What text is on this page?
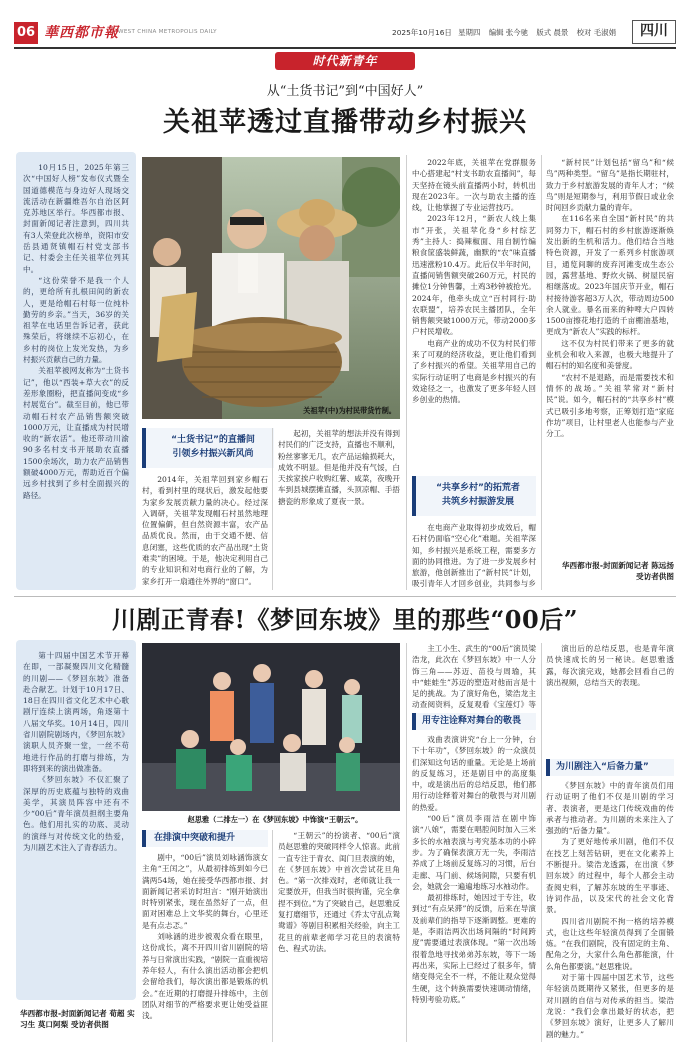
06 華西都市報 WEST CHINA METROPOLIS DAILY	2025年10月16日 星期四 编辑 张今驰 版式 晨景 校对 毛淑娟	四川
时代新青年
从“土货书记”到“中国好人”
关祖苹透过直播带动乡村振兴

10月15日，2025年第三次“中国好人榜”发布仪式暨全国道德模范与身边好人现场交流活动在新疆维吾尔自治区阿克苏地区举行。华西都市报、封面新闻记者注意到，四川共有3人荣登此次榜单，资阳市安岳县通贤镇帽石村党支部书记、村委会主任关祖苹位列其中。

“这份荣誉不是我一个人的，更给所有扎根田间的新农人，更是给帽石村每一位纯朴勤劳的乡亲。”当天，36岁的关祖苹在电话里告诉记者，获此殊荣后，将继续不忘初心，在乡村的岗位上发光发热，为乡村振兴贡献自己的力量。

关祖苹被网友称为“土货书记”，他以“西装+草大衣”的反差形象圈粉，把直播间变成“乡村展览台”。截至目前，他已带动帽石村农产品销售额突破1000万元，让直播成为村民增收的“新农活”。他还带动川渝90多名村支书开展助农直播1500余场次，助力农产品销售额破4000万元，帮助近百个偏远乡村找到了乡村全面振兴的路径。

关祖苹(中)为村民带货竹制。
“土货书记”的直播间
引领乡村振兴新风尚

2014年，关祖苹回到家乡帽石村，看到村里的现状后，激发起他要为家乡发展贡献力量的决心。经过深入调研，关祖苹发现帽石村虽然地理位置偏僻，但自然资源丰富，农产品品质优良。然而，由于交通不便、信息闭塞，这些优质的农产品出现“土货难卖”的困境。于是，他决定利用自己的专业知识和对电商行业的了解，为家乡打开一扇通往外界的“窗口”。

起初，关祖苹的想法并没有得到村民们的广泛支持，直播也不顺利，粉丝寥寥无几，农产品运输损耗大，成效不明显。但是他并没有气馁，白天挨家挨户收购红薯、咸菜，夜晚开车到县城摆摊直播，头顶凉帽、手捂搪瓷的形象成了夏夜一景。

2022年底，关祖苹在党群服务中心搭建起“村支书助农直播间”，每天坚持在镜头前直播两小时，转机出现在2023年。一次与助农主播的连线，让他掌握了专业运营技巧。

2023年12月，“新农人线上集市”开张，关祖苹化身“乡村综艺秀”主持人：捣辣椒面、用自制竹编粮食筐盛装鲜蔬，幽默的“农”味直播迅速涨粉10.4万。此后仅半年时间，直播间销售额突破260万元，村民的摊位1分钟售馨，土鸡3秒钟被抢光。2024年，他牵头成立“百村同行·助农联盟”，培养农民主播团队，全年销售额突破1000万元，带动2000多户村民增收。

电商产业的成功不仅为村民们带来了可观的经济收益，更让他们看到了乡村振兴的希望。关祖苹用自己的实际行动证明了电商是乡村振兴的有效途径之一，也激发了更多年轻人回乡创业的热情。

“共享乡村”的拓荒者
共筑乡村振游发展

在电商产业取得初步成效后，帽石村仍面临“空心化”难题。关祖苹深知，乡村振兴是系统工程，需要多方面的协同推进。为了进一步发展乡村旅游，他创新推出了“新村民”计划，吸引青年人才回乡创业，共同参与乡

“新村民”计划包括“留乌”和“候鸟”两种类型。“留乌”是指长期驻村，致力于乡村旅游发展的青年人才；“候鸟”则是短期参与，利用节假日或业余时间回乡贡献力量的青年。

在116名来自全国“新村民”的共同努力下，帽石村的乡村旅游逐渐焕发出新的生机和活力。他们结合当地特色资源，开发了一系列乡村旅游项目，通览间聊的废弃河滩变成生态公园，露营基地、野炊火锅、树屋民宿相继落成。2023年国庆节开业，帽石村接待游客超3万人次，带动周边500余人就业。暴名而来的种啤大户四转1500亩擦花地打造的千亩棚油基地，更成为“新农人”实践的标杆。

这不仅为村民们带来了更多的就业机会和收入来源，也极大地提升了帽石村的知名度和美誉度。

“农村不是退路，而是需要技术和情怀的战场。”关祖苹常对“新村民”说。如今，帽石村的“共享乡村”模式已吸引多地考察，正筹划打造“家庭作坊”项目，让村里老人也能参与产业分工。

华西都市报-封面新闻记者 陈远扬 受访者供图
川剧正青春!《梦回东坡》里的那些“00后”

第十四届中国艺术节开幕在即，一部凝聚四川文化精髓的川剧——《梦回东坡》准备赴合献艺。计划于10月17日、18日在四川省文化艺术中心歌剧厅连续上演两场，角逐第十八届文华奖。10月14日，四川省川剧院剧场内，《梦回东坡》演职人员齐聚一堂，一丝不苟地进行作品的打磨与排练，为即将到来的演出做准备。

《梦回东坡》不仅汇聚了深厚的历史底蕴与独特的戏曲美学，其演员阵容中还有不少“00后”青年演员担纲主要角色。他们用扎实的功底、灵动的演绎与对传统文化的热爱，为川剧艺术注入了青春活力。

华西都市报-封面新闻记者 荀超 实习生 莫口阿梨 受访者供图
赵思雅（二排左一）在《梦回东坡》中饰演“王朝云”。
在排演中突破和提升

剧中，“00后”演员刘咏涵饰演女主角“王闰之”，从最初排练到如今已满两54场，她在接受华西都市报、封面新闻记者采访时坦言：“刚开始演出时特别紧张，现在虽然好了一点，但面对困难总上文华奖的舞台，心里还是有点忐忑。”

刘咏涵的进步被观众看在眼里，这份成长，离不开四川省川剧院的培养与日常演出实践，“剧院一直重视培养年轻人，有什么演出活动都会把机会留给我们，每次演出都是锻炼的机会。”在近期的打磨提升排练中，主创团队对细节的严格要求更让她受益匪浅。

“王朝云”的扮演者、“00后”演员赵思雅的突破同样令人惊喜。此前一直专注于青衣、闺门旦表演的她，在《梦回东坡》中首次尝试花旦角色。“第一次排戏时，老师就让我一定要放开，但我当时很拘谨，完全拿捏不到位。”为了突破自己，赵思雅反复打磨细节，还通过《乔太守乱点鸳鸯谱》等剧目积累相关经验，向主工花旦的前辈老师学习花旦的表演特色、程式功法。

主工小生、武生的“00后”演员梁浩龙，此次在《梦回东坡》中一人分饰三角——苏迈、苗役与周瑜，其中“蛙蛙生”苏迈的塑造对他而言是十足的挑战。为了演好角色，梁浩龙主动查阅资料，反复观看《宝莲灯》等

用专注诠释对舞台的敬畏

戏曲表演讲究“台上一分钟，台下十年功”，《梦回东坡》的一众演员们深知这句话的重量。无论是上场前的反复练习，还是剧目中的高度集中，或是演出后的总结反思，他们都用行动诠释着对舞台的敬畏与对川剧的热爱。

“00后”演员李雨洁在剧中饰演“八娘”，需要在唱腔间时加入三米多长的水袖表演与考究基本功的小碎步。为了确保表演万无一失，李雨洁养成了上场前反复练习的习惯，后台走廊、马门前、候场间隙，只要有机会，她就会一遍遍地练习水袖动作。

最初排练时，她因过于专注，收到过“有点呆滞”的反馈，后来在导演及前辈们的指导下逐渐调整。更难的是，李雨洁两次出场间隔的“时间跨度”需要通过表演体现。“第一次出场很着急地寻找弟弟苏东坡，等下一场再出来，实际上已经过了很多年，情绪变得完全不一样，不能让观众觉得生硬，这个转换需要快速调动情绪，特别考验功底。”

演出后的总结反思，也是青年演员快速成长的另一秘诀。赵思雅透露，每次演完戏，她都会回看自己的演出视频，总结当天的表现。

为川剧注入“后备力量”

《梦回东坡》中的青年演员们用行动证明了他们不仅是川剧的学习者、表演者，更是这门传统戏曲的传承者与推动者。为川剧的未来注入了强劲的“后备力量”。

为了更好地传承川剧，他们不仅在技艺上刻苦钻研，更在文化素养上不断提升。梁浩龙透露，在出演《梦回东坡》的过程中，每个人都会主动查阅史料，了解苏东坡的生平事迹、诗词作品，以及宋代的社会文化背景。

四川省川剧院不拘一格的培养模式，也让这些年轻演员得到了全面锻炼。“在我们剧院，没有固定的主角、配角之分，大家什么角色都能演，什么角色都要演。”赵思雅说。

对于第十四届中国艺术节，这些年轻演员既期待又紧张，但更多的是对川剧的自信与对传承的担当。梁浩龙说：“我们会拿出最好的状态，把《梦回东坡》演好，让更多人了解川剧的魅力。”
